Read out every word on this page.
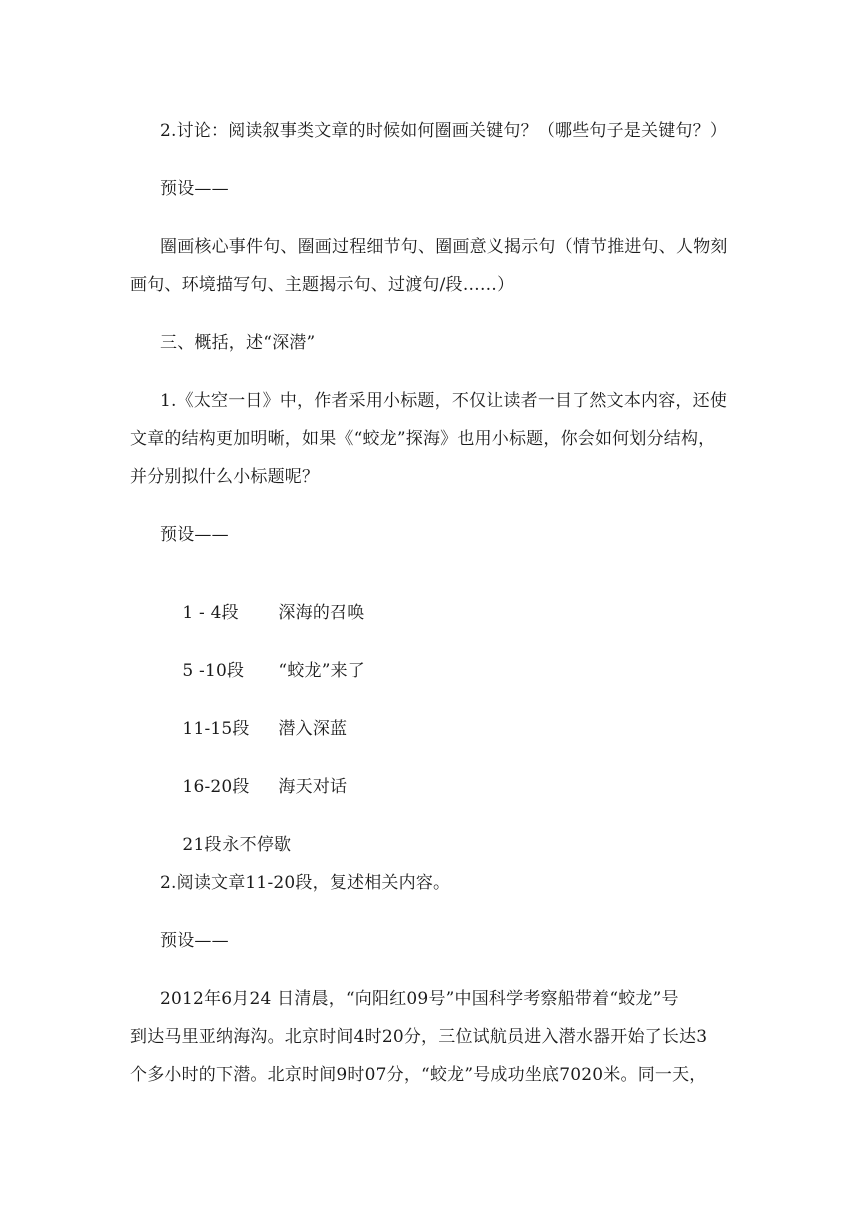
2.讨论：阅读叙事类文章的时候如何圈画关键句？（哪些句子是关键句？）
预设——
圈画核心事件句、圈画过程细节句、圈画意义揭示句（情节推进句、人物刻
画句、环境描写句、主题揭示句、过渡句/段……）
三、概括，述“深潜”
1.《太空一日》中，作者采用小标题，不仅让读者一目了然文本内容，还使
文章的结构更加明晰，如果《“蛟龙”探海》也用小标题，你会如何划分结构，
并分别拟什么小标题呢？
预设——

1 - 4段 深海的召唤

5 -10段 “蛟龙”来了

11-15段 潜入深蓝

16-20段 海天对话

21段永不停歇

2.阅读文章11-20段，复述相关内容。
预设——
2012年6月24 日清晨，“向阳红09号”中国科学考察船带着“蛟龙”号
到达马里亚纳海沟。北京时间4时20分，三位试航员进入潜水器开始了长达3
个多小时的下潜。北京时间9时07分，“蛟龙”号成功坐底7020米。同一天，
